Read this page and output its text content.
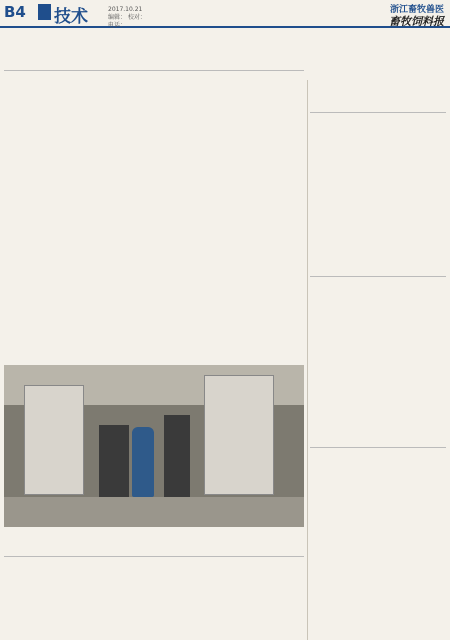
B4 技术	2017.10.21
编辑： 校对：
电话：
浙江畜牧兽医
畜牧饲料报
